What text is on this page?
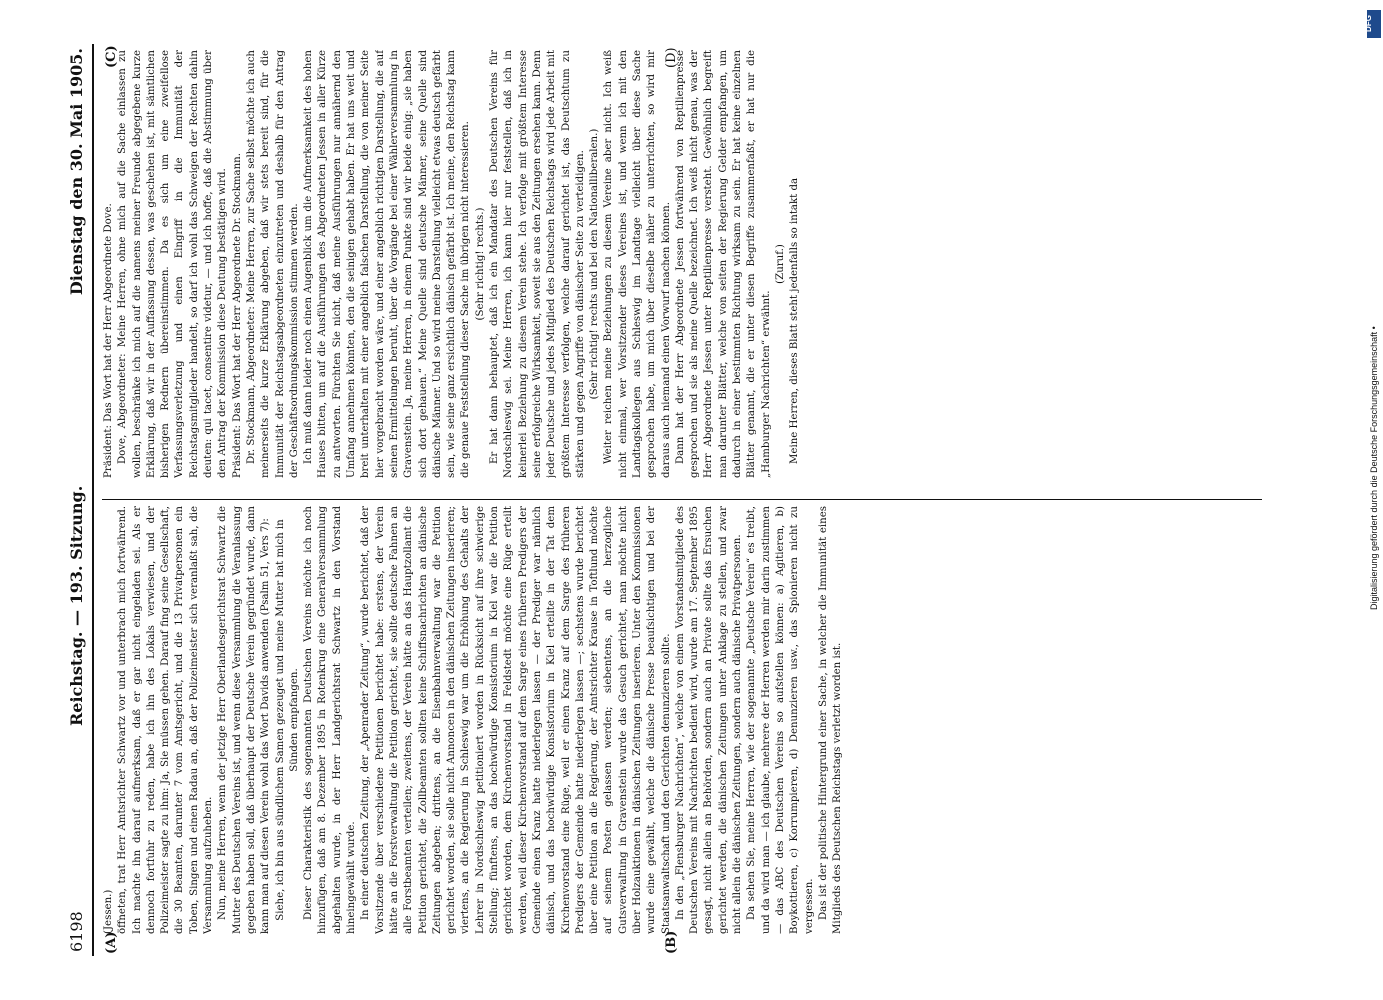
6198
Reichstag. — 193. Sitzung.
Dienstag den 30. Mai 1905.
(A)	(B)
(C)	(D)

(Jessen.) öffneten, trat Herr Amtsrichter Schwartz vor und unterbrach mich fortwährend. Ich machte ihn darauf aufmerksam, daß er gar nicht eingeladen sei. Als er dennoch fortfuhr zu reden, habe ich ihn des Lokals verwiesen, und der Polizeimeister sagte zu ihm: Ja, Sie müssen gehen. Darauf fing seine Gesellschaft, die 30 Beamten, darunter 7 vom Amtsgericht, und die 13 Privatpersonen ein Toben, Singen und einen Radau an, daß der Polizeimeister sich veranlaßt sah, die Versammlung aufzuheben. Nun, meine Herren, wenn der jetzige Herr Oberlandesgerichtsrat Schwartz die Mutter des Deutschen Vereins ist, und wenn diese Versammlung die Veranlassung gegeben haben soll, daß überhaupt der Deutsche Verein gegründet wurde, dann kann man auf diesen Verein wohl das Wort Davids anwenden (Psalm 51, Vers 7): Siehe, ich bin aus sündlichem Samen gezeuget und meine Mutter hat mich in Sünden empfangen. Dieser Charakteristik des sogenannten Deutschen Vereins möchte ich noch hinzufügen, daß am 8. Dezember 1895 in Rotenkrug eine Generalversammlung abgehalten wurde, in der Herr Landgerichtsrat Schwartz in den Vorstand hineingewählt wurde. In einer deutschen Zeitung, der „Apenrader Zeitung“, wurde berichtet, daß der Vorsitzende über verschiedene Petitionen berichtet habe: erstens, der Verein hätte an die Forstverwaltung die Petition gerichtet, sie sollte deutsche Fahnen an alle Forstbeamten verteilen; zweitens, der Verein hätte an das Hauptzollamt die Petition gerichtet, die Zollbeamten sollten keine Schiffsnachrichten an dänische Zeitungen abgeben; drittens, an die Eisenbahnverwaltung war die Petition gerichtet worden, sie solle nicht Annoncen in den dänischen Zeitungen inserieren; viertens, an die Regierung in Schleswig war um die Erhöhung des Gehalts der Lehrer in Nordschleswig petitioniert worden in Rücksicht auf ihre schwierige Stellung; fünftens, an das hochwürdige Konsistorium in Kiel war die Petition gerichtet worden, dem Kirchenvorstand in Feldstedt möchte eine Rüge erteilt werden, weil dieser Kirchenvorstand auf dem Sarge eines früheren Predigers der Gemeinde einen Kranz hatte niederlegen lassen — der Prediger war nämlich dänisch, und das hochwürdige Konsistorium in Kiel erteilte in der Tat dem Kirchenvorstand eine Rüge, weil er einen Kranz auf dem Sarge des früheren Predigers der Gemeinde hatte niederlegen lassen —; sechstens wurde berichtet über eine Petition an die Regierung, der Amtsrichter Krause in Toftlund möchte auf seinem Posten gelassen werden; siebentens, an die herzogliche Gutsverwaltung in Gravenstein wurde das Gesuch gerichtet, man möchte nicht über Holzauktionen in dänischen Zeitungen inserieren. Unter den Kommissionen wurde eine gewählt, welche die dänische Presse beaufsichtigen und bei der Staatsanwaltschaft und den Gerichten denunzieren sollte. In den „Flensburger Nachrichten“, welche von einem Vorstandsmitgliede des Deutschen Vereins mit Nachrichten bedient wird, wurde am 17. September 1895 gesagt, nicht allein an Behörden, sondern auch an Private sollte das Ersuchen gerichtet werden, die dänischen Zeitungen unter Anklage zu stellen, und zwar nicht allein die dänischen Zeitungen, sondern auch dänische Privatpersonen. Da sehen Sie, meine Herren, wie der sogenannte „Deutsche Verein“ es treibt, und da wird man — ich glaube, mehrere der Herren werden mir darin zustimmen — das ABC des Deutschen Vereins so aufstellen können: a) Agitieren, b) Boykottieren, c) Korrumpieren, d) Denunzieren usw., das Spionieren nicht zu vergessen. Das ist der politische Hintergrund einer Sache, in welcher die Immunität eines Mitglieds des Deutschen Reichstags verletzt worden ist.

Präsident: Das Wort hat der Herr Abgeordnete Dove. Dove, Abgeordneter: Meine Herren, ohne mich auf die Sache einlassen zu wollen, beschränke ich mich auf die namens meiner Freunde abgegebene kurze Erklärung, daß wir in der Auffassung dessen, was geschehen ist, mit sämtlichen bisherigen Rednern übereinstimmen. Da es sich um eine zweifellose Verfassungsverletzung und einen Eingriff in die Immunität der Reichstagsmitglieder handelt, so darf ich wohl das Schweigen der Rechten dahin deuten: qui tacet, consentire videtur, — und ich hoffe, daß die Abstimmung über den Antrag der Kommission diese Deutung bestätigen wird. Präsident: Das Wort hat der Herr Abgeordnete Dr. Stockmann. Dr. Stockmann, Abgeordneter: Meine Herren, zur Sache selbst möchte ich auch meinerseits die kurze Erklärung abgeben, daß wir stets bereit sind, für die Immunität der Reichstagsabgeordneten einzutreten und deshalb für den Antrag der Geschäftsordnungskommission stimmen werden. Ich muß dann leider noch einen Augenblick um die Aufmerksamkeit des hohen Hauses bitten, um auf die Ausführungen des Abgeordneten Jessen in aller Kürze zu antworten. Fürchten Sie nicht, daß meine Ausführungen nur annähernd den Umfang annehmen könnten, den die seinigen gehabt haben. Er hat uns weit und breit unterhalten mit einer angeblich falschen Darstellung, die von meiner Seite hier vorgebracht worden wäre, und einer angeblich richtigen Darstellung, die auf seinen Ermittelungen beruht, über die Vorgänge bei einer Wählerversammlung in Gravenstein. Ja, meine Herren, in einem Punkte sind wir beide einig: „sie haben sich dort gehauen.“ Meine Quelle sind deutsche Männer, seine Quelle sind dänische Männer. Und so wird meine Darstellung vielleicht etwas deutsch gefärbt sein, wie seine ganz ersichtlich dänisch gefärbt ist. Ich meine, den Reichstag kann die genaue Feststellung dieser Sache im übrigen nicht interessieren. (Sehr richtig! rechts.) Er hat dann behauptet, daß ich ein Mandatar des Deutschen Vereins für Nordschleswig sei. Meine Herren, ich kann hier nur feststellen, daß ich in keinerlei Beziehung zu diesem Verein stehe. Ich verfolge mit größtem Interesse seine erfolgreiche Wirksamkeit, soweit sie aus den Zeitungen ersehen kann. Denn jeder Deutsche und jedes Mitglied des Deutschen Reichstags wird jede Arbeit mit größtem Interesse verfolgen, welche darauf gerichtet ist, das Deutschtum zu stärken und gegen Angriffe von dänischer Seite zu verteidigen. (Sehr richtig! rechts und bei den Nationalliberalen.) Weiter reichen meine Beziehungen zu diesem Vereine aber nicht. Ich weiß nicht einmal, wer Vorsitzender dieses Vereines ist, und wenn ich mit den Landtagskollegen aus Schleswig im Landtage vielleicht über diese Sache gesprochen habe, um mich über dieselbe näher zu unterrichten, so wird mir daraus auch niemand einen Vorwurf machen können. Dann hat der Herr Abgeordnete Jessen fortwährend von Reptilienpresse gesprochen und sie als meine Quelle bezeichnet. Ich weiß nicht genau, was der Herr Abgeordnete Jessen unter Reptilienpresse versteht. Gewöhnlich begreift man darunter Blätter, welche von seiten der Regierung Gelder empfangen, um dadurch in einer bestimmten Richtung wirksam zu sein. Er hat keine einzelnen Blätter genannt, die er unter diesen Begriffe zusammenfaßt, er hat nur die „Hamburger Nachrichten“ erwähnt.

(Zuruf.) Meine Herren, dieses Blatt steht jedenfalls so intakt da

DFG
Digitalisierung gefördert durch die Deutsche Forschungsgemeinschaft •
